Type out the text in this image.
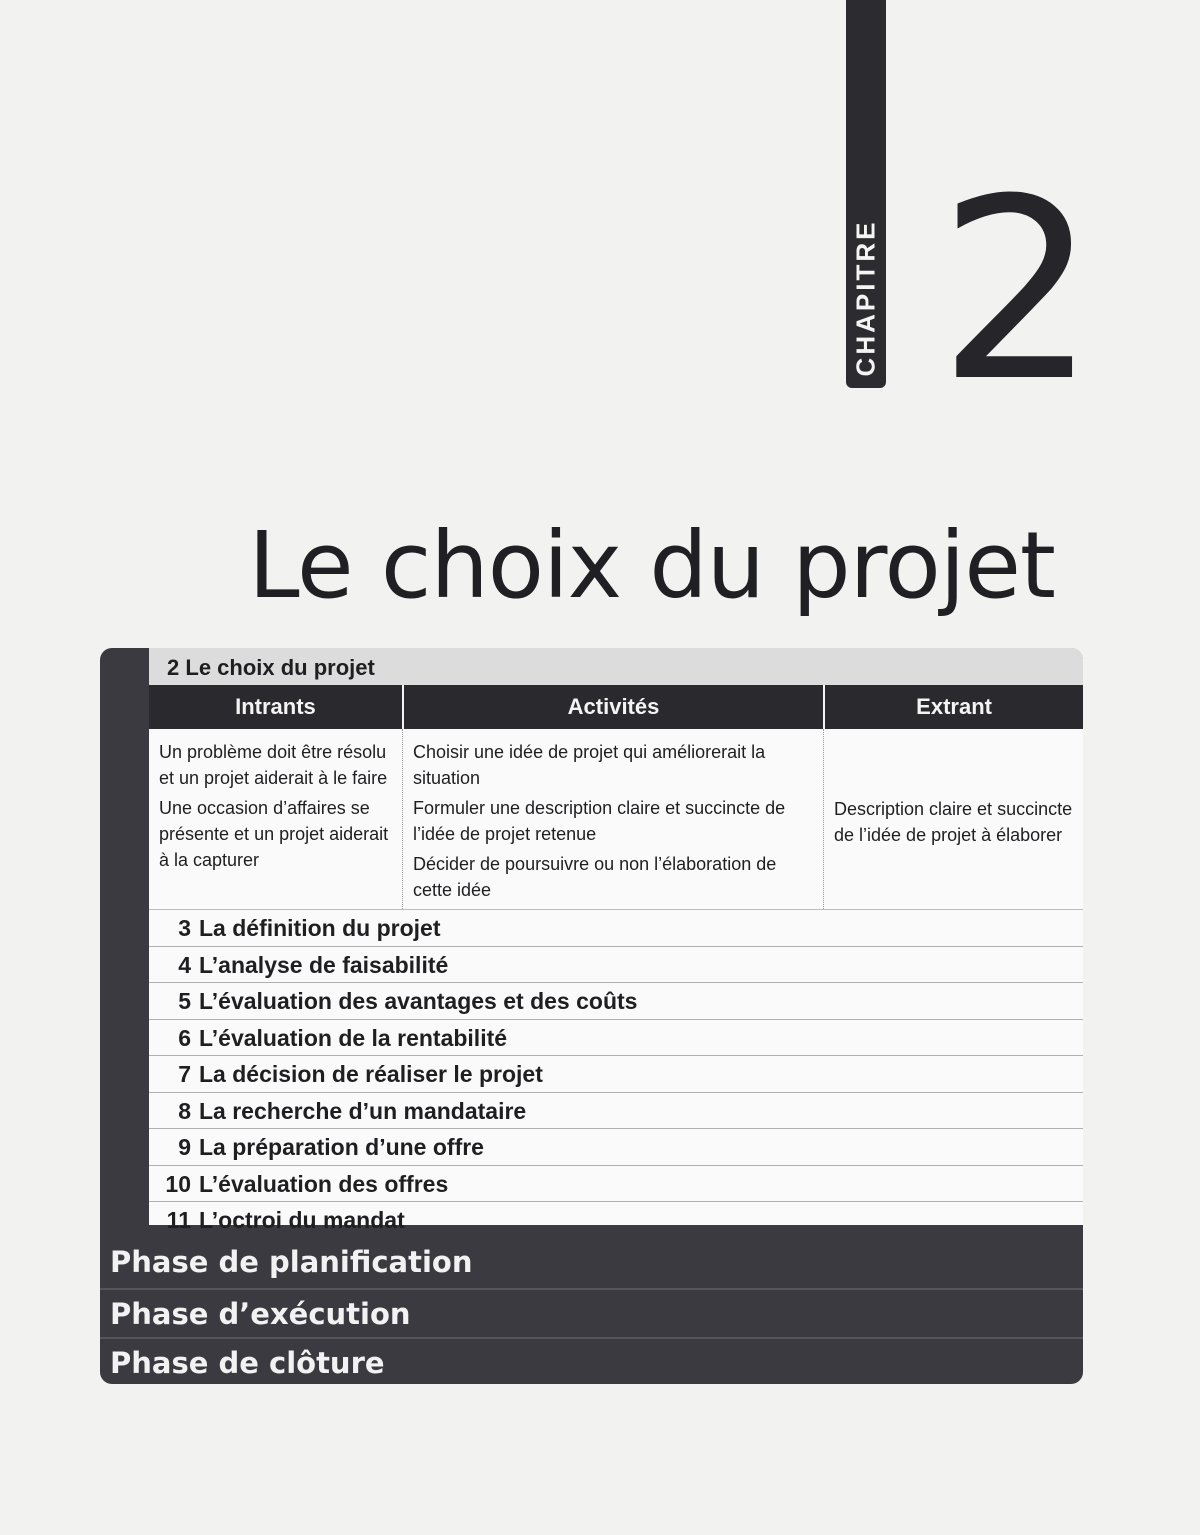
CHAPITRE 2
Le choix du projet
2 Le choix du projet
Intrants	Activités	Extrant

Un problème doit être résolu et un projet aiderait à le faire

Une occasion d’affaires se présente et un projet aiderait à la capturer

Choisir une idée de projet qui améliorerait la situation

Formuler une description claire et succincte de l’idée de projet retenue

Décider de poursuivre ou non l’élaboration de cette idée

Description claire et succincte de l’idée de projet à élaborer

3 La définition du projet
4 L’analyse de faisabilité
5 L’évaluation des avantages et des coûts
6 L’évaluation de la rentabilité
7 La décision de réaliser le projet
8 La recherche d’un mandataire
9 La préparation d’une offre
10 L’évaluation des offres
11 L’octroi du mandat
Phase de planification
Phase d’exécution
Phase de clôture
Phase d’élaboration
